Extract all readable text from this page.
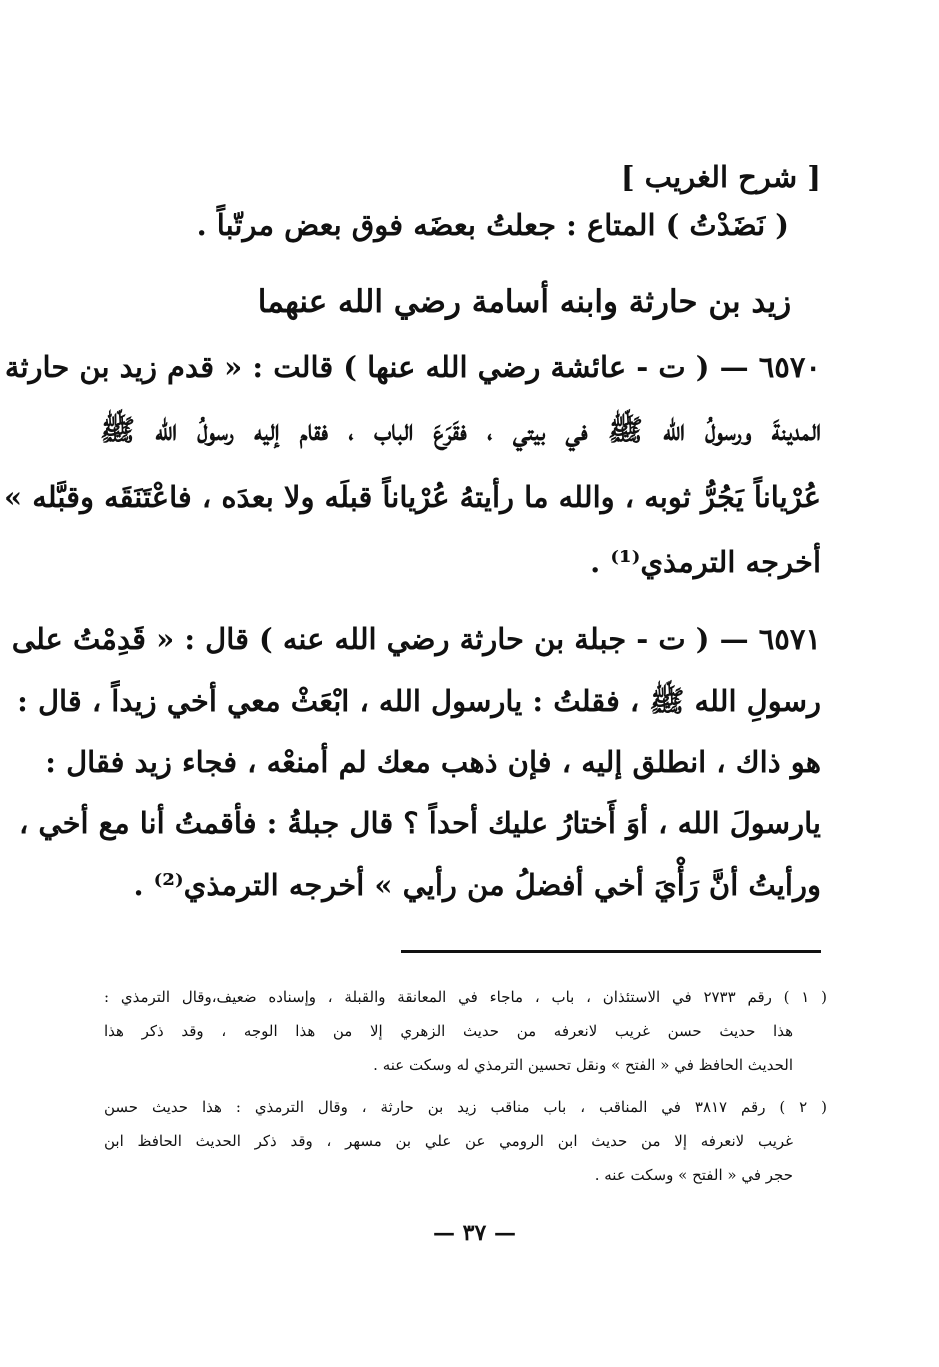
[ شرح الغريب ]
( نَضَدْتُ ) المتاع : جعلتُ بعضَه فوق بعض مرتّباً .
زيد بن حارثة وابنه أسامة رضي الله عنهما
٦٥٧٠ — ( ت - عائشة رضي الله عنها ) قالت : « قدم زيد بن حارثة
المدينةَ ورسولُ الله ﷺ في بيتي ، فقَرَعَ الباب ، فقام إليه رسولُ الله ﷺ
عُرْياناً يَجُرُّ ثوبه ، والله ما رأيتهُ عُرْياناً قبلَه ولا بعدَه ، فاعْتَنَقَه وقبَّله »
أخرجه الترمذي⁽¹⁾ .
٦٥٧١ — ( ت - جبلة بن حارثة رضي الله عنه ) قال : « قَدِمْتُ على
رسولِ الله ﷺ ، فقلتُ : يارسول الله ، ابْعَثْ معي أخي زيداً ، قال :
هو ذاك ، انطلق إليه ، فإن ذهب معك لم أمنعْه ، فجاء زيد فقال :
يارسولَ الله ، أوَ أَختارُ عليك أحداً ؟ قال جبلةُ : فأقمتُ أنا مع أخي ،
ورأيتُ أنَّ رَأْيَ أخي أفضلُ من رأيي » أخرجه الترمذي⁽²⁾ .
( ١ ) رقم ٢٧٣٣ في الاستئذان ، باب ، ماجاء في المعانقة والقبلة ، وإسناده ضعيف،وقال الترمذي :
هذا حديث حسن غريب لانعرفه من حديث الزهري إلا من هذا الوجه ، وقد ذكر هذا
الحديث الحافظ في « الفتح » ونقل تحسين الترمذي له وسكت عنه .
( ٢ ) رقم ٣٨١٧ في المناقب ، باب مناقب زيد بن حارثة ، وقال الترمذي : هذا حديث حسن
غريب لانعرفه إلا من حديث ابن الرومي عن علي بن مسهر ، وقد ذكر الحديث الحافظ ابن
حجر في « الفتح » وسكت عنه .
— ٣٧ —
